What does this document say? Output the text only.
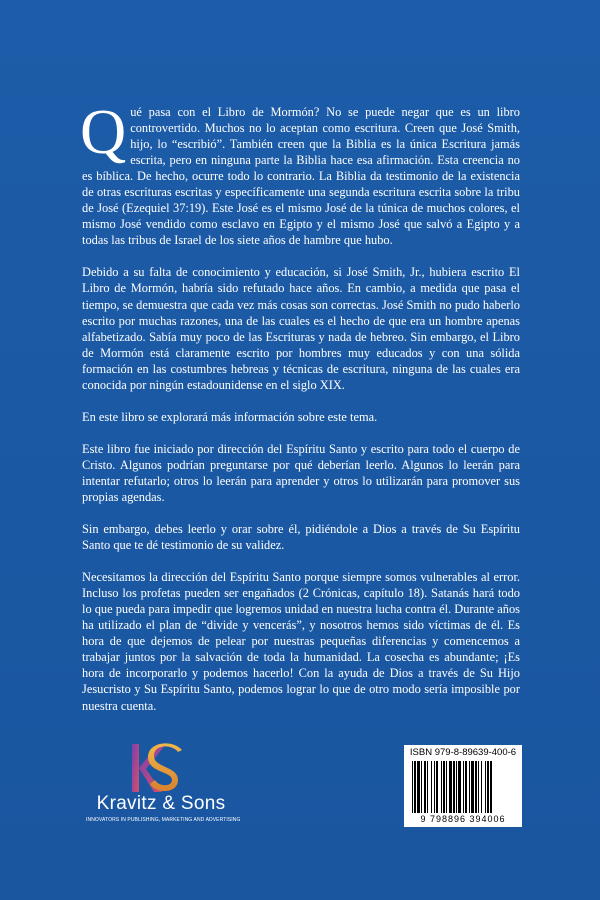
Qué pasa con el Libro de Mormón? No se puede negar que es un libro controvertido. Muchos no lo aceptan como escritura. Creen que José Smith, hijo, lo “escribió”. También creen que la Biblia es la única Escritura jamás escrita, pero en ninguna parte la Biblia hace esa afirmación. Esta creencia no es bíblica. De hecho, ocurre todo lo contrario. La Biblia da testimonio de la existencia de otras escrituras escritas y específicamente una segunda escritura escrita sobre la tribu de José (Ezequiel 37:19). Este José es el mismo José de la túnica de muchos colores, el mismo José vendido como esclavo en Egipto y el mismo José que salvó a Egipto y a todas las tribus de Israel de los siete años de hambre que hubo.

Debido a su falta de conocimiento y educación, si José Smith, Jr., hubiera escrito El Libro de Mormón, habría sido refutado hace años. En cambio, a medida que pasa el tiempo, se demuestra que cada vez más cosas son correctas. José Smith no pudo haberlo escrito por muchas razones, una de las cuales es el hecho de que era un hombre apenas alfabetizado. Sabía muy poco de las Escrituras y nada de hebreo. Sin embargo, el Libro de Mormón está claramente escrito por hombres muy educados y con una sólida formación en las costumbres hebreas y técnicas de escritura, ninguna de las cuales era conocida por ningún estadounidense en el siglo XIX.

En este libro se explorará más información sobre este tema.

Este libro fue iniciado por dirección del Espíritu Santo y escrito para todo el cuerpo de Cristo. Algunos podrían preguntarse por qué deberían leerlo. Algunos lo leerán para intentar refutarlo; otros lo leerán para aprender y otros lo utilizarán para promover sus propias agendas.

Sin embargo, debes leerlo y orar sobre él, pidiéndole a Dios a través de Su Espíritu Santo que te dé testimonio de su validez.

Necesitamos la dirección del Espíritu Santo porque siempre somos vulnerables al error. Incluso los profetas pueden ser engañados (2 Crónicas, capítulo 18). Satanás hará todo lo que pueda para impedir que logremos unidad en nuestra lucha contra él. Durante años ha utilizado el plan de “divide y vencerás”, y nosotros hemos sido víctimas de él. Es hora de que dejemos de pelear por nuestras pequeñas diferencias y comencemos a trabajar juntos por la salvación de toda la humanidad. La cosecha es abundante; ¡Es hora de incorporarlo y podemos hacerlo! Con la ayuda de Dios a través de Su Hijo Jesucristo y Su Espíritu Santo, podemos lograr lo que de otro modo sería imposible por nuestra cuenta.

Kravitz & Sons
INNOVATORS IN PUBLISHING, MARKETING AND ADVERTISING
ISBN 979-8-89639-400-6
9 798896 394006
